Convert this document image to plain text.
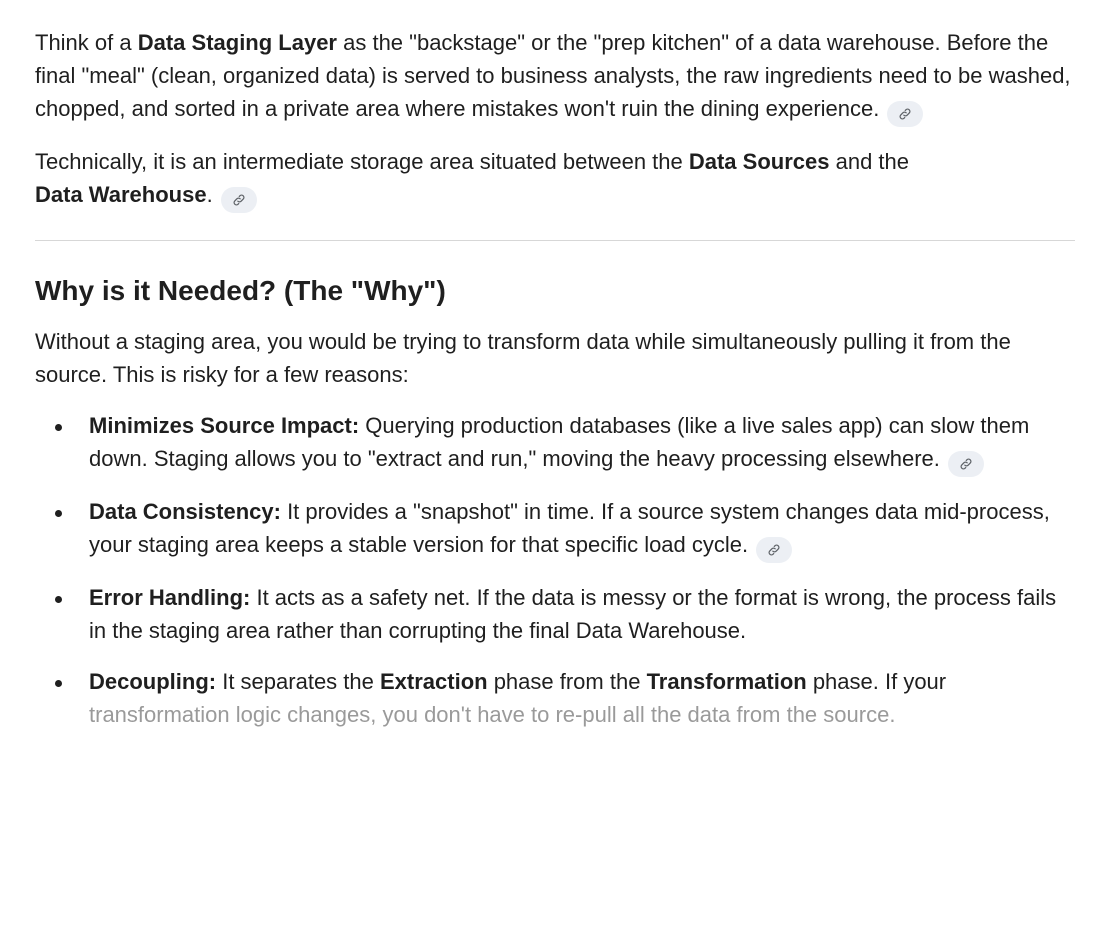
Think of a Data Staging Layer as the "backstage" or the "prep kitchen" of a data warehouse. Before the final "meal" (clean, organized data) is served to business analysts, the raw ingredients need to be washed, chopped, and sorted in a private area where mistakes won't ruin the dining experience.

Technically, it is an intermediate storage area situated between the Data Sources and the
Data Warehouse.

Why is it Needed? (The "Why")

Without a staging area, you would be trying to transform data while simultaneously pulling it from the source. This is risky for a few reasons:

Minimizes Source Impact: Querying production databases (like a live sales app) can slow them down. Staging allows you to "extract and run," moving the heavy processing elsewhere.
Data Consistency: It provides a "snapshot" in time. If a source system changes data mid-process, your staging area keeps a stable version for that specific load cycle.
Error Handling: It acts as a safety net. If the data is messy or the format is wrong, the process fails in the staging area rather than corrupting the final Data Warehouse.
Decoupling: It separates the Extraction phase from the Transformation phase. If your transformation logic changes, you don't have to re-pull all the data from the source.
